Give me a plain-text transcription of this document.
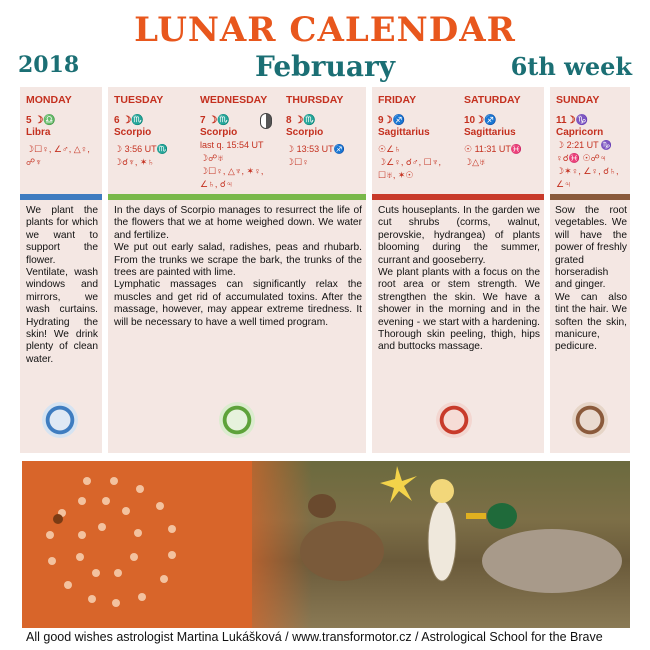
LUNAR CALENDAR
2018	February	6th week
MONDAY	TUESDAY	WEDNESDAY	THURSDAY	FRIDAY	SATURDAY	SUNDAY
5 ☽♎
Libra
☽☐♀, ∠♂, △♀,
☍♆
6 ☽♏
Scorpio
☽ 3:56 UT♏
☽☌♆, ✶♄
7 ☽♏
Scorpio
last q. 15:54 UT
☽☍♅
☽☐♀, △♆, ✶♀,
∠♄, ☌♃
8 ☽♏
Scorpio
☽ 13:53 UT♐
☽☐♀
9☽♐
Sagittarius
☉∠♄
☽∠♀, ☌♂, ☐♆,
☐♅, ✶☉
10☽♐
Sagittarius
☉ 11:31 UT♓
☽△♅
11☽♑
Capricorn
☽ 2:21 UT ♑
♀☌♓ ☉☍♃
☽✶♀, ∠♀, ☌♄,
∠♃
We plant the plants for which we want to support the flower. Ventilate, wash windows and mirrors, we wash curtains. Hydrating the skin! We drink plenty of clean water.
In the days of Scorpio manages to resurrect the life of the flowers that we at home weighed down. We water and fertilize.
We put out early salad, radishes, peas and rhubarb. From the trunks we scrape the bark, the trunks of the trees are painted with lime.
Lymphatic massages can significantly relax the muscles and get rid of accumulated toxins. After the massage, however, may appear extreme tiredness. It will be necessary to have a well timed program.
Cuts houseplants. In the garden we cut shrubs (corms, walnut, perovskie, hydrangea) of plants blooming during the summer, currant and gooseberry.
We plant plants with a focus on the root area or stem strength. We strengthen the skin. We have a shower in the morning and in the evening - we start with a hardening. Thorough skin peeling, thigh, hips and buttocks massage.
Sow the root vegetables. We will have the power of freshly grated horseradish and ginger.
We can also tint the hair. We soften the skin, manicure, pedicure.
All good wishes astrologist Martina Lukášková / www.transformotor.cz / Astrological School for the Brave
